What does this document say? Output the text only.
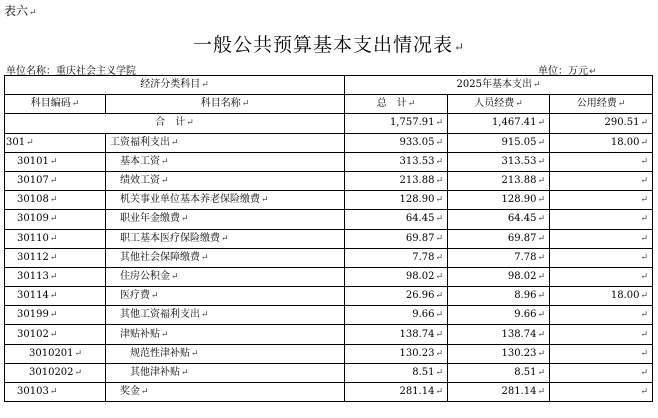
表六↵
一般公共预算基本支出情况表↵
单位名称：重庆社会主义学院	单位：万元↵
经济分类科目↵		2025年基本支出↵		
科目编码↵	科目名称↵	总　计↵	人员经费↵	公用经费↵
合　计↵		1,757.91↵	1,467.41↵	290.51↵
301↵	工资福利支出↵	933.05↵	915.05↵	18.00↵
30101↵	基本工资↵	313.53↵	313.53↵	↵
30107↵	绩效工资↵	213.88↵	213.88↵	↵
30108↵	机关事业单位基本养老保险缴费↵	128.90↵	128.90↵	↵
30109↵	职业年金缴费↵	64.45↵	64.45↵	↵
30110↵	职工基本医疗保险缴费↵	69.87↵	69.87↵	↵
30112↵	其他社会保障缴费↵	7.78↵	7.78↵	↵
30113↵	住房公积金↵	98.02↵	98.02↵	↵
30114↵	医疗费↵	26.96↵	8.96↵	18.00↵
30199↵	其他工资福利支出↵	9.66↵	9.66↵	↵
30102↵	津贴补贴↵	138.74↵	138.74↵	↵
3010201↵	规范性津补贴↵	130.23↵	130.23↵	↵
3010202↵	其他津补贴↵	8.51↵	8.51↵	↵
30103↵	奖金↵	281.14↵	281.14↵	↵
